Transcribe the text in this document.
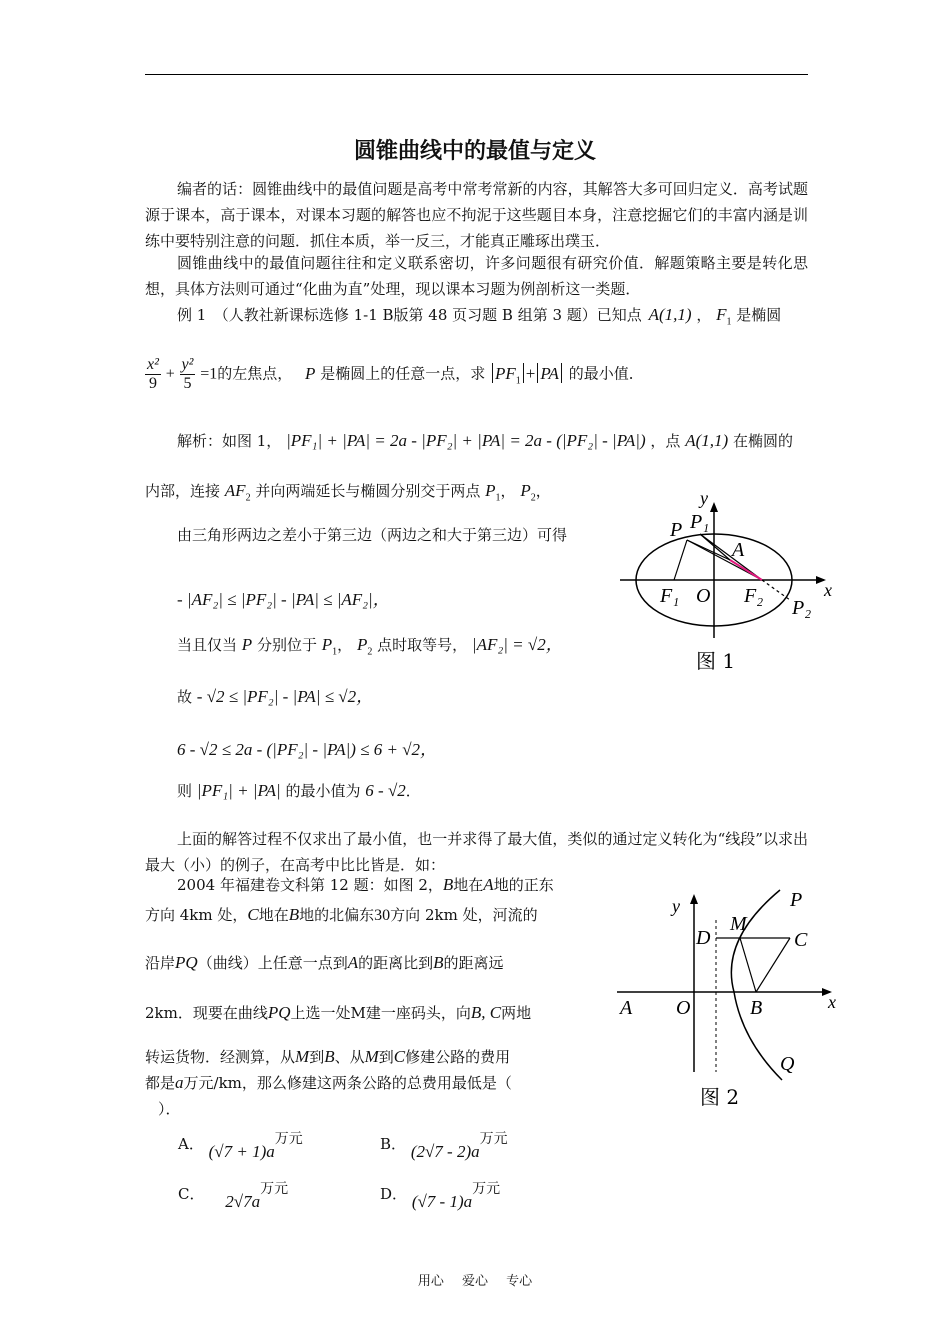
圆锥曲线中的最值与定义
编者的话：圆锥曲线中的最值问题是高考中常考常新的内容，其解答大多可回归定义．高考试题源于课本，高于课本，对课本习题的解答也应不拘泥于这些题目本身，注意挖掘它们的丰富内涵是训练中要特别注意的问题．抓住本质，举一反三，才能真正雕琢出璞玉．
圆锥曲线中的最值问题往往和定义联系密切，许多问题很有研究价值．解题策略主要是转化思想，具体方法则可通过“化曲为直”处理，现以课本习题为例剖析这一类题．
例 1　（人教社新课标选修 1-1 B版第 48 页习题 B 组第 3 题）已知点 A(1,1) ， $F_1$ 是椭圆
$\frac{\text{x²}}{9} + \frac{\text{y²}}{5} =1$的左焦点， P 是椭圆上的任意一点，求 $PF_1$ + PA 的最小值．
解析：如图 1， |PF₁| + |PA| = 2a - |PF₂| + |PA| = 2a - (|PF₂| - |PA|) ，点 A(1,1) 在椭圆的
内部，连接 $AF_2$ 并向两端延长与椭圆分别交于两点 $P_1$， $P_2$，
由三角形两边之差小于第三边（两边之和大于第三边）可得
- |AF₂| ≤ |PF₂| - |PA| ≤ |AF₂|，
当且仅当 P 分别位于 $P_1$， $P_2$ 点时取等号， |AF₂| = √2，
故 - √2 ≤ |PF₂| - |PA| ≤ √2，
6 - √2 ≤ 2a - (|PF₂| - |PA|) ≤ 6 + √2，
则 |PF₁| + |PA| 的最小值为 6 - √2．
y
P P₁
A
F₁ O F₂	x
P₂
图 1
上面的解答过程不仅求出了最小值，也一并求得了最大值，类似的通过定义转化为“线段”以求出最大（小）的例子，在高考中比比皆是．如：
2004 年福建卷文科第 12 题：如图 2，B地在A地的正东
方向 4km 处，C地在B地的北偏东30方向 2km 处，河流的
沿岸PQ（曲线）上任意一点到A的距离比到B的距离远
2km．现要在曲线PQ上选一处M建一座码头，向B, C两地
转运货物．经测算，从M到B、从M到C修建公路的费用
都是a万元/km，那么修建这两条公路的总费用最低是（
）．
y	P
D
M
C
A O	B	x
Q
图 2
A． $(√7 + 1)a^{万元}$	B． $(2√7 - 2)a^{万元}$
C． $2√7a^{万元}$	D． $(√7 - 1)a^{万元}$
用心 爱心 专心
